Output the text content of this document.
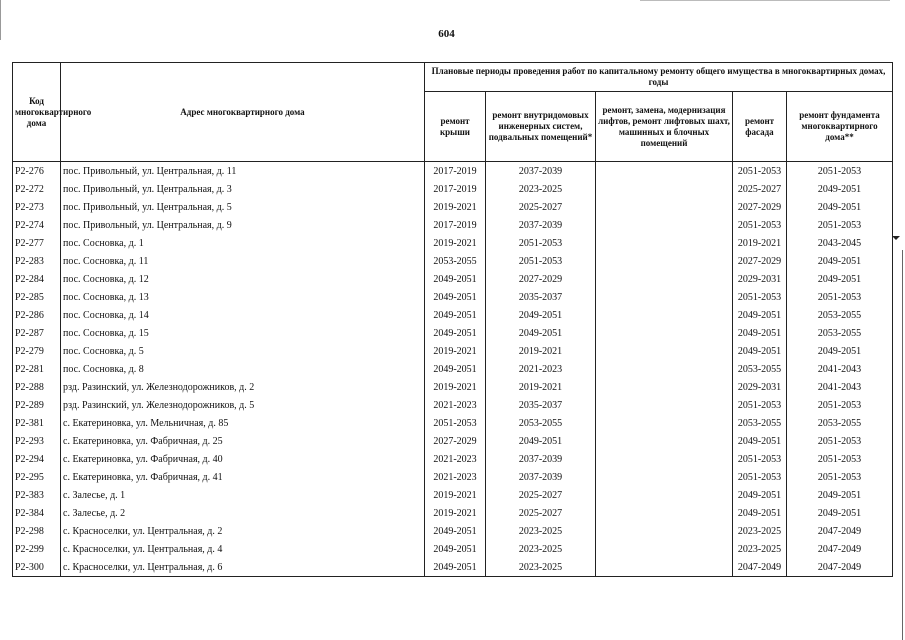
604
Код многоквартирного дома	Адрес многоквартирного дома	Плановые периоды проведения работ по капитальному ремонту общего имущества в многоквартирных домах, годы				
		ремонт крыши	ремонт внутридомовых инженерных систем, подвальных помещений*	ремонт, замена, модернизация лифтов, ремонт лифтовых шахт, машинных и блочных помещений	ремонт фасада	ремонт фундамента многоквартирного дома**
P2-276	пос. Привольный, ул. Центральная, д. 11	2017-2019	2037-2039		2051-2053	2051-2053
P2-272	пос. Привольный, ул. Центральная, д. 3	2017-2019	2023-2025		2025-2027	2049-2051
P2-273	пос. Привольный, ул. Центральная, д. 5	2019-2021	2025-2027		2027-2029	2049-2051
P2-274	пос. Привольный, ул. Центральная, д. 9	2017-2019	2037-2039		2051-2053	2051-2053
P2-277	пос. Сосновка, д. 1	2019-2021	2051-2053		2019-2021	2043-2045
P2-283	пос. Сосновка, д. 11	2053-2055	2051-2053		2027-2029	2049-2051
P2-284	пос. Сосновка, д. 12	2049-2051	2027-2029		2029-2031	2049-2051
P2-285	пос. Сосновка, д. 13	2049-2051	2035-2037		2051-2053	2051-2053
P2-286	пос. Сосновка, д. 14	2049-2051	2049-2051		2049-2051	2053-2055
P2-287	пос. Сосновка, д. 15	2049-2051	2049-2051		2049-2051	2053-2055
P2-279	пос. Сосновка, д. 5	2019-2021	2019-2021		2049-2051	2049-2051
P2-281	пос. Сосновка, д. 8	2049-2051	2021-2023		2053-2055	2041-2043
P2-288	рзд. Разинский, ул. Железнодорожников, д. 2	2019-2021	2019-2021		2029-2031	2041-2043
P2-289	рзд. Разинский, ул. Железнодорожников, д. 5	2021-2023	2035-2037		2051-2053	2051-2053
P2-381	с. Екатериновка, ул. Мельничная, д. 85	2051-2053	2053-2055		2053-2055	2053-2055
P2-293	с. Екатериновка, ул. Фабричная, д. 25	2027-2029	2049-2051		2049-2051	2051-2053
P2-294	с. Екатериновка, ул. Фабричная, д. 40	2021-2023	2037-2039		2051-2053	2051-2053
P2-295	с. Екатериновка, ул. Фабричная, д. 41	2021-2023	2037-2039		2051-2053	2051-2053
P2-383	с. Залесье, д. 1	2019-2021	2025-2027		2049-2051	2049-2051
P2-384	с. Залесье, д. 2	2019-2021	2025-2027		2049-2051	2049-2051
P2-298	с. Красноселки, ул. Центральная, д. 2	2049-2051	2023-2025		2023-2025	2047-2049
P2-299	с. Красноселки, ул. Центральная, д. 4	2049-2051	2023-2025		2023-2025	2047-2049
P2-300	с. Красноселки, ул. Центральная, д. 6	2049-2051	2023-2025		2047-2049	2047-2049
